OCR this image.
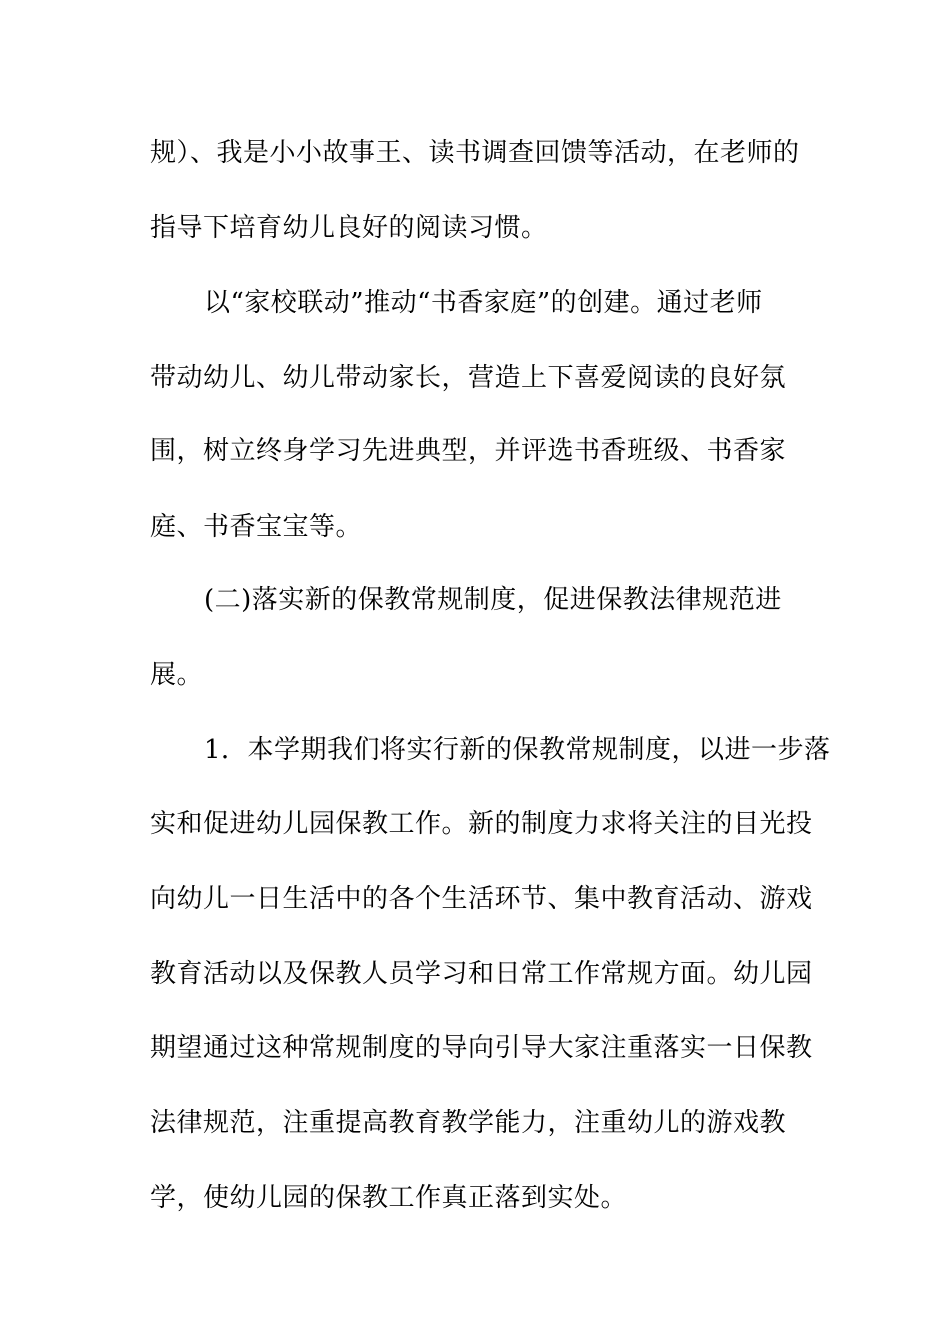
规）、我是小小故事王、读书调查回馈等活动，在老师的
指导下培育幼儿良好的阅读习惯。
以“家校联动”推动“书香家庭”的创建。通过老师
带动幼儿、幼儿带动家长，营造上下喜爱阅读的良好氛
围，树立终身学习先进典型，并评选书香班级、书香家
庭、书香宝宝等。
(二)落实新的保教常规制度，促进保教法律规范进
展。
1．本学期我们将实行新的保教常规制度，以进一步落
实和促进幼儿园保教工作。新的制度力求将关注的目光投
向幼儿一日生活中的各个生活环节、集中教育活动、游戏
教育活动以及保教人员学习和日常工作常规方面。幼儿园
期望通过这种常规制度的导向引导大家注重落实一日保教
法律规范，注重提高教育教学能力，注重幼儿的游戏教
学，使幼儿园的保教工作真正落到实处。
